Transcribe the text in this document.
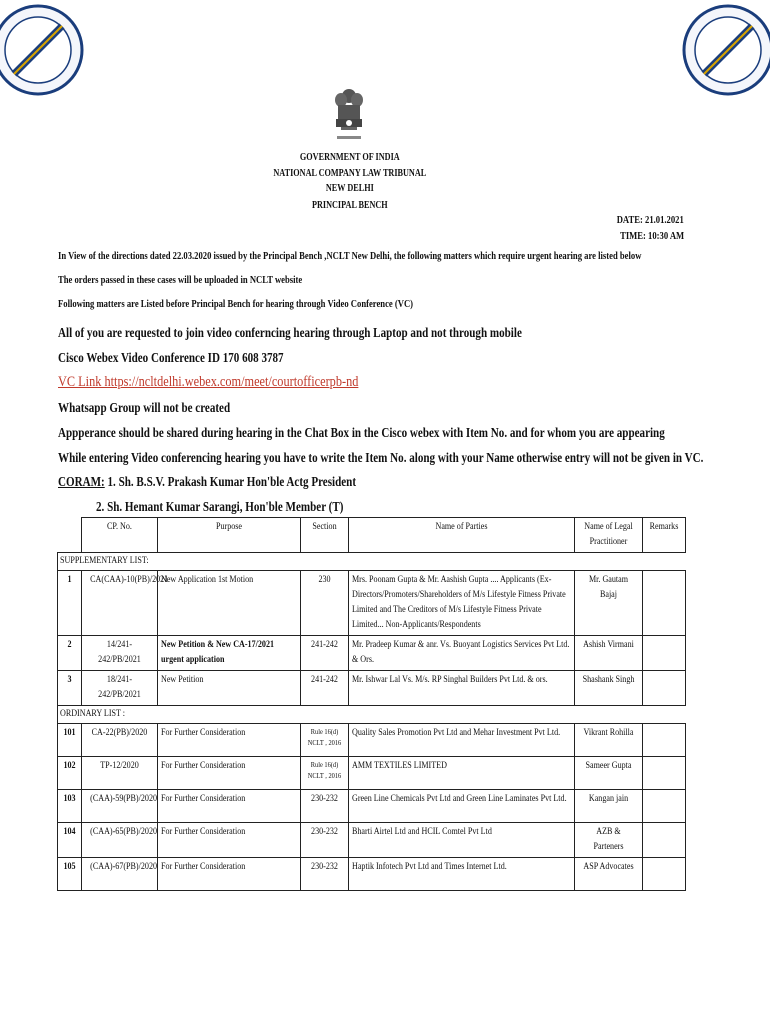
GOVERNMENT OF INDIA
NATIONAL COMPANY LAW TRIBUNAL
NEW DELHI
PRINCIPAL BENCH
DATE: 21.01.2021
TIME: 10:30 AM
In View of the directions dated 22.03.2020 issued by the Principal Bench ,NCLT New Delhi, the following matters which require urgent hearing are listed below
The orders passed in these cases will be uploaded in NCLT website
Following matters are Listed before Principal Bench for hearing through Video Conference (VC)
All of you are requested to join video conferncing hearing through Laptop and not through mobile
Cisco Webex Video Conference ID 170 608 3787
VC Link https://ncltdelhi.webex.com/meet/courtofficerpb-nd
Whatsapp Group will not be created
Appperance should be shared during hearing in the Chat Box in the Cisco webex with Item No. and for whom you are appearing
While entering Video conferencing hearing you have to write the Item No. along with your Name otherwise entry will not be given in VC.
CORAM: 1. Sh. B.S.V. Prakash Kumar Hon'ble Actg President
2. Sh. Hemant Kumar Sarangi, Hon'ble Member (T)

	CP. No.	Purpose	Section	Name of Parties	Name of Legal Practitioner	Remarks

SUPPLEMENTARY LIST:						

1	CA(CAA)-10(PB)/2021	New Application 1st Motion	230	Mrs. Poonam Gupta & Mr. Aashish Gupta .... Applicants (Ex-Directors/Promoters/Shareholders of M/s Lifestyle Fitness Private Limited and The Creditors of M/s Lifestyle Fitness Private Limited... Non-Applicants/Respondents	Mr. Gautam Bajaj	

2	14/241-242/PB/2021	New Petition & New CA-17/2021 urgent application	241-242	Mr. Pradeep Kumar & anr. Vs. Buoyant Logistics Services Pvt Ltd. & Ors.	Ashish Virmani	

3	18/241-242/PB/2021	New Petition	241-242	Mr. Ishwar Lal Vs. M/s. RP Singhal Builders Pvt Ltd. & ors.	Shashank Singh	

ORDINARY LIST :						

101	CA-22(PB)/2020	For Further Consideration	Rule 16(d) NCLT , 2016	Quality Sales Promotion Pvt Ltd and Mehar Investment Pvt Ltd.	Vikrant Rohilla	

102	TP-12/2020	For Further Consideration	Rule 16(d) NCLT , 2016	AMM TEXTILES LIMITED	Sameer Gupta	

103	(CAA)-59(PB)/2020	For Further Consideration	230-232	Green Line Chemicals Pvt Ltd and Green Line Laminates Pvt Ltd.	Kangan jain	

104	(CAA)-65(PB)/2020	For Further Consideration	230-232	Bharti Airtel Ltd and HCIL Comtel Pvt Ltd	AZB & Parteners	

105	(CAA)-67(PB)/2020	For Further Consideration	230-232	Haptik Infotech Pvt Ltd and Times Internet Ltd.	ASP Advocates	
